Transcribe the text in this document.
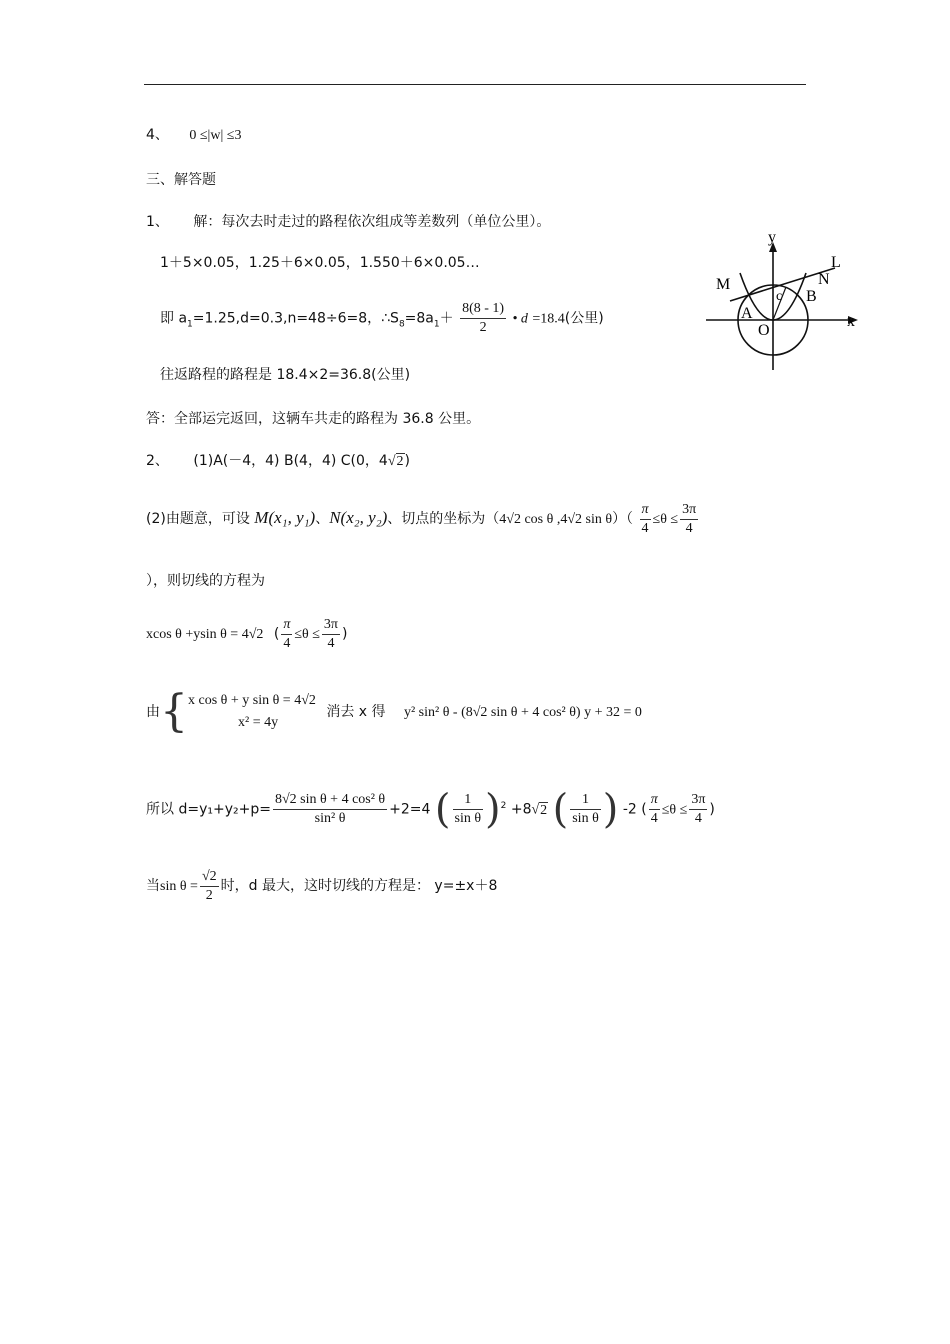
4、 0 ≤|w| ≤3
三、解答题
1、 解：每次去时走过的路程依次组成等差数列（单位公里）。
1＋5×0.05，1.25＋6×0.05，1.550＋6×0.05…
即 $a_1=1.25,d=0.3,n=48\div 6=8$，$\therefore S_8=8a_1+ \frac{8(8 - 1)}{2}$ • d =18.4(公里)
往返路程的路程是 18.4×2=36.8(公里)
答：全部运完返回，这辆车共走的路程为 36.8 公里。
2、 (1)A(－4，4) B(4，4) C(0，4√2)
(2)由题意，可设 M(x₁, y₁)、N(x₂, y₂)、切点的坐标为（4√2 cos θ ,4√2 $\sin \theta)( \frac{\pi}{4} \le\theta \le \frac{3\pi}{4}$
），则切线的方程为
xcos θ +ysin θ = 4√2 ( $\frac{\pi}{4} \le\theta \le \frac{3\pi}{4}$ )
由{ x cos θ + y sin θ = 4√2
x² = 4y
消去 x 得 y² sin² θ - (8√2 sin θ + 4 cos² θ) y + 32 = 0
所以 $d=y_1+y_2+p= \frac{\text{8√2 sin θ + 4 cos² θ}}{\text{sin² θ}} +2=4$ ( $\frac{1}{\text{sin θ}} )^2 +8√2$ ( $\frac{1}{\text{sin θ}}$ ) -2 ( $\frac{\pi}{4} \le\theta \le \frac{3\pi}{4}$ )
当$\sin \theta = \frac{√2}{2}$ 时，d 最大，这时切线的方程是： y=±x＋8
y
x
L
M	N
B
A
O
c
